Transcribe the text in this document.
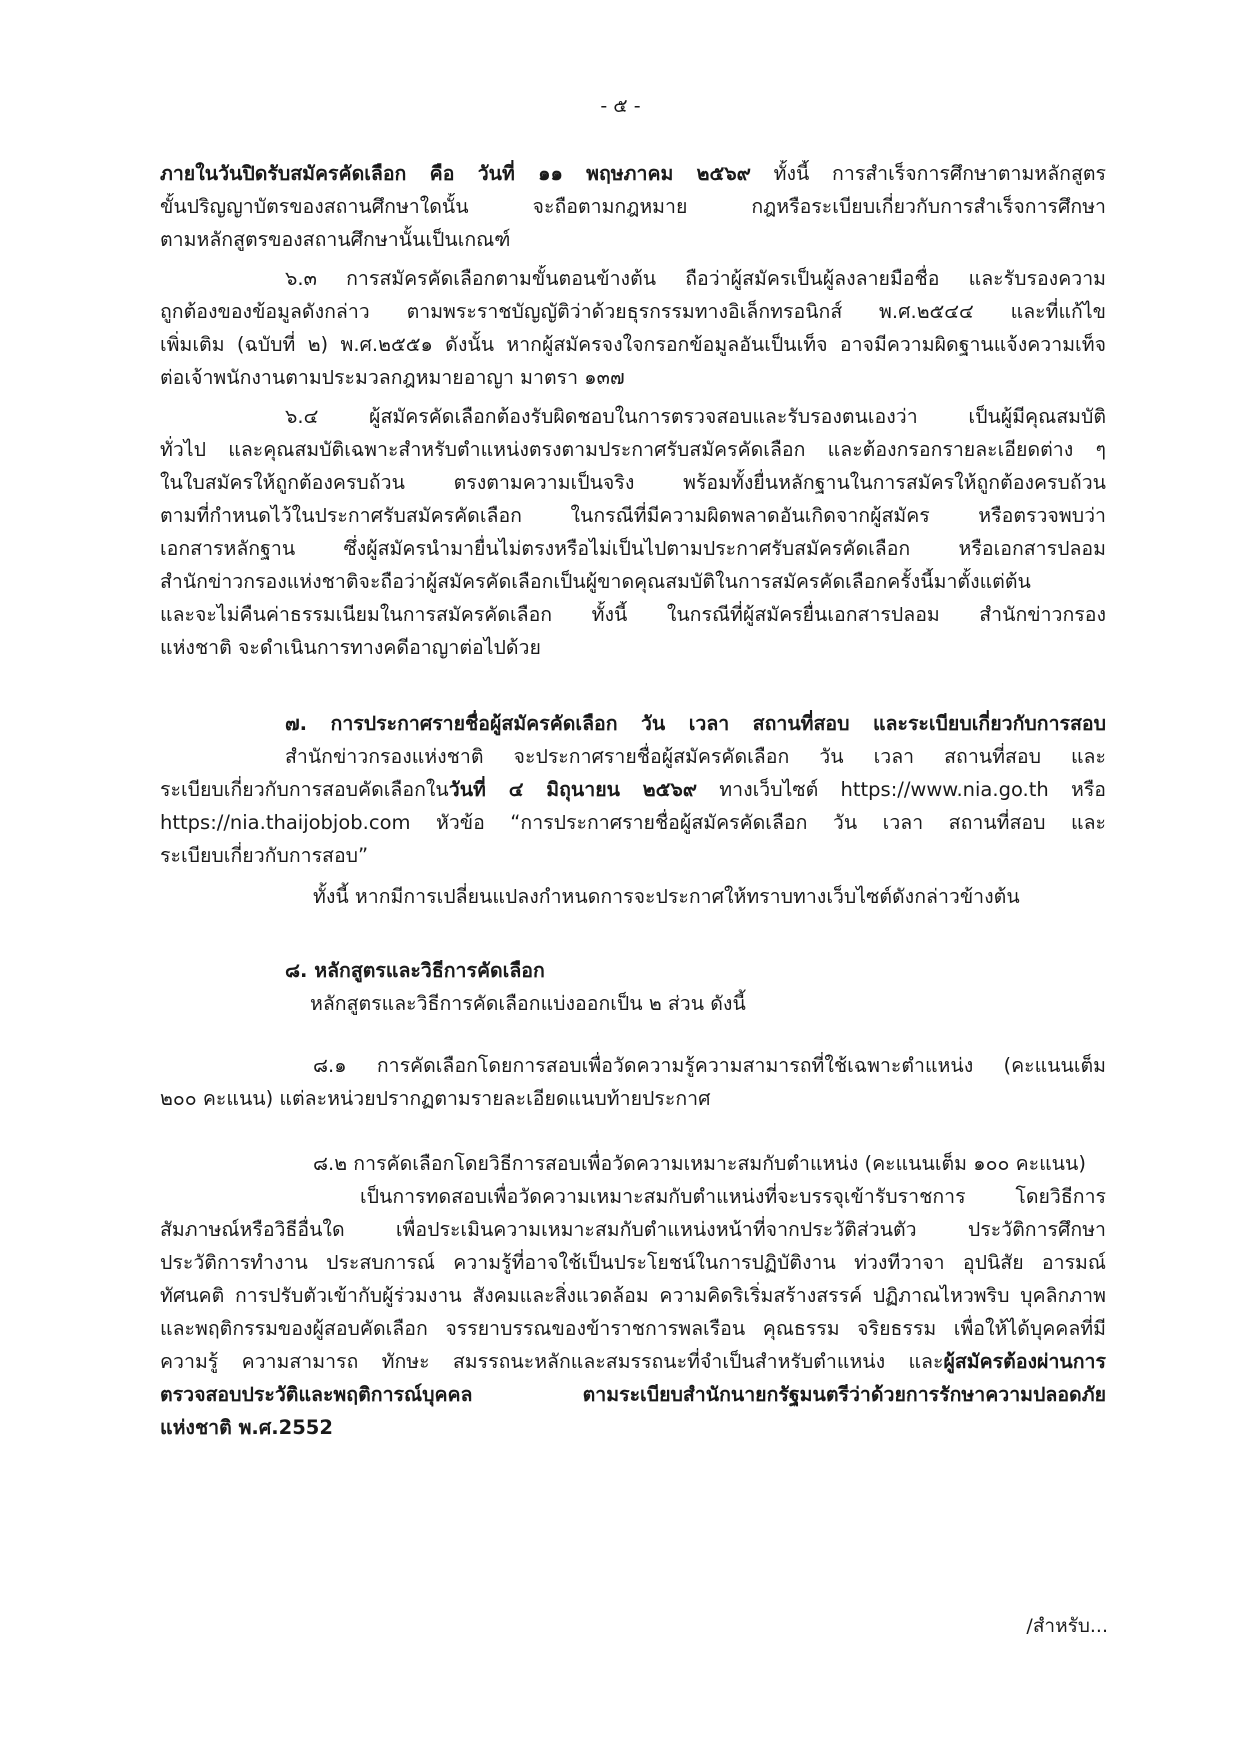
- ๕ -
ภายในวันปิดรับสมัครคัดเลือก คือ วันที่ ๑๑ พฤษภาคม ๒๕๖๙ ทั้งนี้ การสำเร็จการศึกษาตามหลักสูตร
ขั้นปริญญาบัตรของสถานศึกษาใดนั้น จะถือตามกฎหมาย กฎหรือระเบียบเกี่ยวกับการสำเร็จการศึกษา
ตามหลักสูตรของสถานศึกษานั้นเป็นเกณฑ์
๖.๓ การสมัครคัดเลือกตามขั้นตอนข้างต้น ถือว่าผู้สมัครเป็นผู้ลงลายมือชื่อ และรับรองความ
ถูกต้องของข้อมูลดังกล่าว ตามพระราชบัญญัติว่าด้วยธุรกรรมทางอิเล็กทรอนิกส์ พ.ศ.๒๕๔๔ และที่แก้ไข
เพิ่มเติม (ฉบับที่ ๒) พ.ศ.๒๕๕๑ ดังนั้น หากผู้สมัครจงใจกรอกข้อมูลอันเป็นเท็จ อาจมีความผิดฐานแจ้งความเท็จ
ต่อเจ้าพนักงานตามประมวลกฎหมายอาญา มาตรา ๑๓๗
๖.๔ ผู้สมัครคัดเลือกต้องรับผิดชอบในการตรวจสอบและรับรองตนเองว่า เป็นผู้มีคุณสมบัติ
ทั่วไป และคุณสมบัติเฉพาะสำหรับตำแหน่งตรงตามประกาศรับสมัครคัดเลือก และต้องกรอกรายละเอียดต่าง ๆ
ในใบสมัครให้ถูกต้องครบถ้วน ตรงตามความเป็นจริง พร้อมทั้งยื่นหลักฐานในการสมัครให้ถูกต้องครบถ้วน
ตามที่กำหนดไว้ในประกาศรับสมัครคัดเลือก ในกรณีที่มีความผิดพลาดอันเกิดจากผู้สมัคร หรือตรวจพบว่า
เอกสารหลักฐาน ซึ่งผู้สมัครนำมายื่นไม่ตรงหรือไม่เป็นไปตามประกาศรับสมัครคัดเลือก หรือเอกสารปลอม
สำนักข่าวกรองแห่งชาติจะถือว่าผู้สมัครคัดเลือกเป็นผู้ขาดคุณสมบัติในการสมัครคัดเลือกครั้งนี้มาตั้งแต่ต้น
และจะไม่คืนค่าธรรมเนียมในการสมัครคัดเลือก ทั้งนี้ ในกรณีที่ผู้สมัครยื่นเอกสารปลอม สำนักข่าวกรอง
แห่งชาติ จะดำเนินการทางคดีอาญาต่อไปด้วย
๗. การประกาศรายชื่อผู้สมัครคัดเลือก วัน เวลา สถานที่สอบ และระเบียบเกี่ยวกับการสอบ
สำนักข่าวกรองแห่งชาติ จะประกาศรายชื่อผู้สมัครคัดเลือก วัน เวลา สถานที่สอบ และ
ระเบียบเกี่ยวกับการสอบคัดเลือกในวันที่ ๔ มิถุนายน ๒๕๖๙ ทางเว็บไซต์ https://www.nia.go.th หรือ
https://nia.thaijobjob.com หัวข้อ “การประกาศรายชื่อผู้สมัครคัดเลือก วัน เวลา สถานที่สอบ และ
ระเบียบเกี่ยวกับการสอบ”
ทั้งนี้ หากมีการเปลี่ยนแปลงกำหนดการจะประกาศให้ทราบทางเว็บไซต์ดังกล่าวข้างต้น
๘. หลักสูตรและวิธีการคัดเลือก
หลักสูตรและวิธีการคัดเลือกแบ่งออกเป็น ๒ ส่วน ดังนี้
๘.๑ การคัดเลือกโดยการสอบเพื่อวัดความรู้ความสามารถที่ใช้เฉพาะตำแหน่ง (คะแนนเต็ม
๒๐๐ คะแนน) แต่ละหน่วยปรากฏตามรายละเอียดแนบท้ายประกาศ
๘.๒ การคัดเลือกโดยวิธีการสอบเพื่อวัดความเหมาะสมกับตำแหน่ง (คะแนนเต็ม ๑๐๐ คะแนน)
เป็นการทดสอบเพื่อวัดความเหมาะสมกับตำแหน่งที่จะบรรจุเข้ารับราชการ โดยวิธีการ
สัมภาษณ์หรือวิธีอื่นใด เพื่อประเมินความเหมาะสมกับตำแหน่งหน้าที่จากประวัติส่วนตัว ประวัติการศึกษา
ประวัติการทำงาน ประสบการณ์ ความรู้ที่อาจใช้เป็นประโยชน์ในการปฏิบัติงาน ท่วงทีวาจา อุปนิสัย อารมณ์
ทัศนคติ การปรับตัวเข้ากับผู้ร่วมงาน สังคมและสิ่งแวดล้อม ความคิดริเริ่มสร้างสรรค์ ปฏิภาณไหวพริบ บุคลิกภาพ
และพฤติกรรมของผู้สอบคัดเลือก จรรยาบรรณของข้าราชการพลเรือน คุณธรรม จริยธรรม เพื่อให้ได้บุคคลที่มี
ความรู้ ความสามารถ ทักษะ สมรรถนะหลักและสมรรถนะที่จำเป็นสำหรับตำแหน่ง และผู้สมัครต้องผ่านการ
ตรวจสอบประวัติและพฤติการณ์บุคคล ตามระเบียบสำนักนายกรัฐมนตรีว่าด้วยการรักษาความปลอดภัย
แห่งชาติ พ.ศ.2552
/สำหรับ...
